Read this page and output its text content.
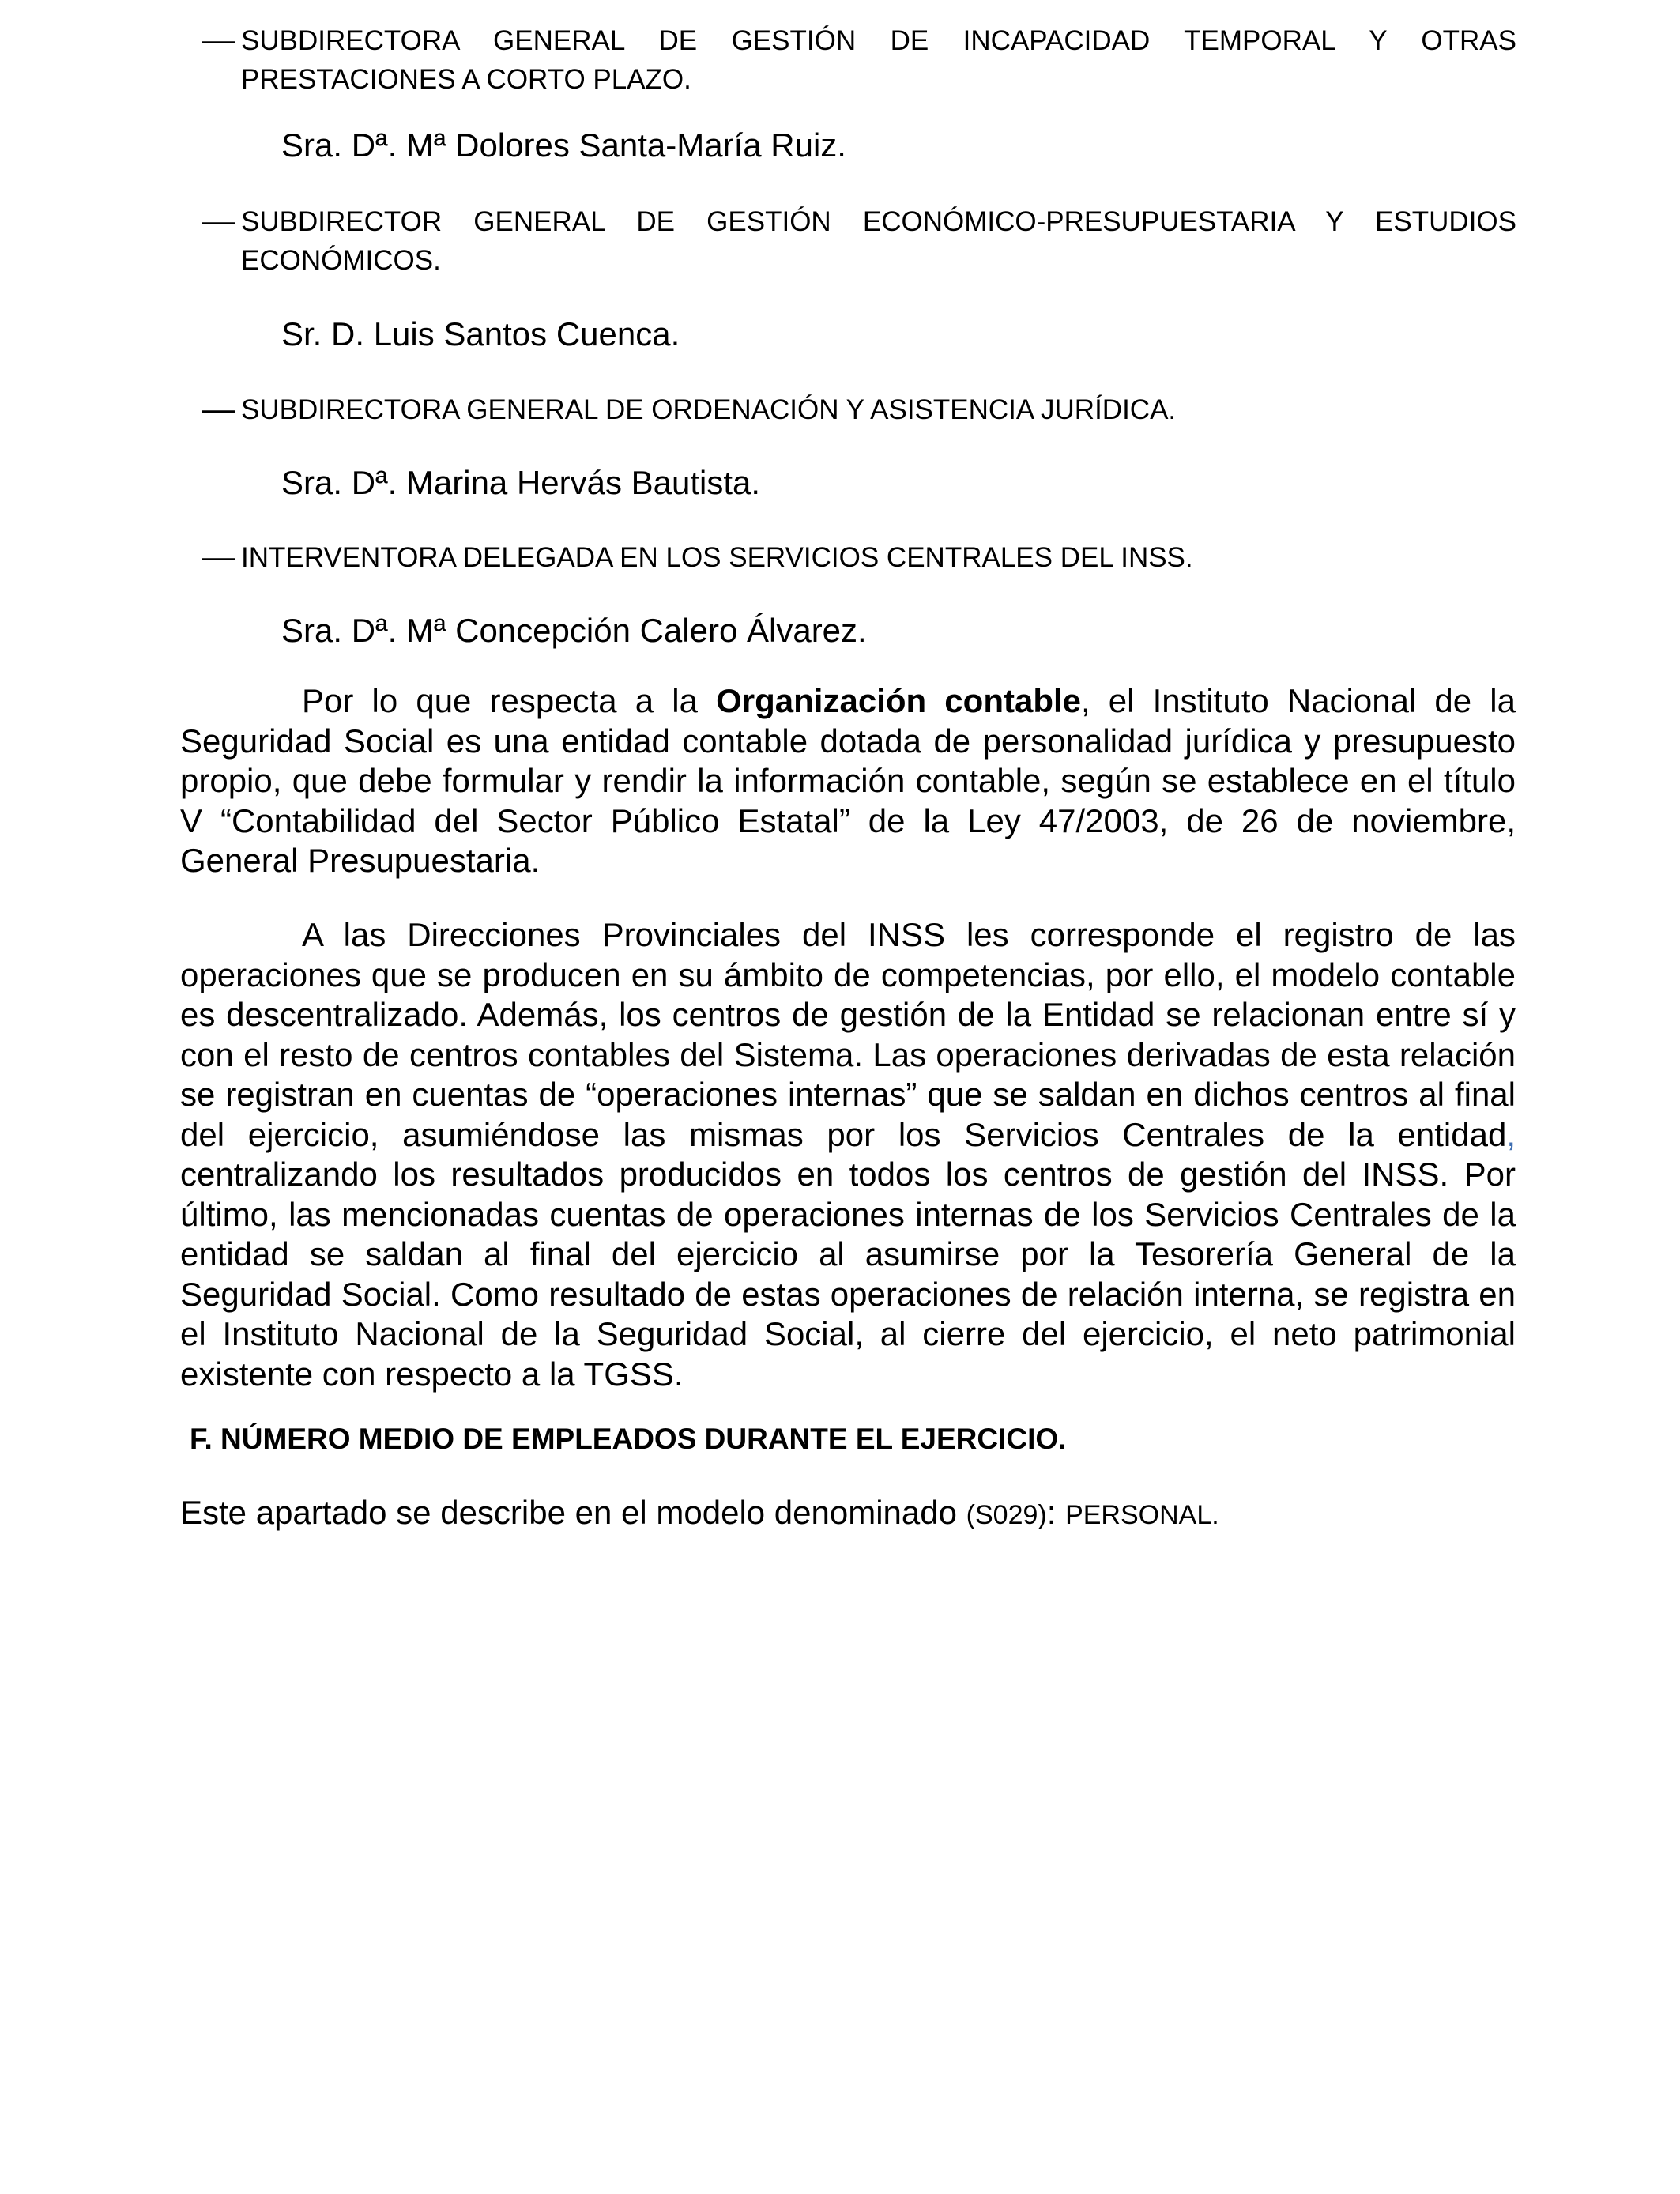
— SUBDIRECTORA GENERAL DE GESTIÓN DE INCAPACIDAD TEMPORAL Y OTRAS PRESTACIONES A CORTO PLAZO.
Sra. Dª. Mª Dolores Santa-María Ruiz.
— SUBDIRECTOR GENERAL DE GESTIÓN ECONÓMICO-PRESUPUESTARIA Y ESTUDIOS ECONÓMICOS.
Sr. D. Luis Santos Cuenca.
— SUBDIRECTORA GENERAL DE ORDENACIÓN Y ASISTENCIA JURÍDICA.
Sra. Dª. Marina Hervás Bautista.
— INTERVENTORA DELEGADA EN LOS SERVICIOS CENTRALES DEL INSS.
Sra. Dª. Mª Concepción Calero Álvarez.

Por lo que respecta a la Organización contable, el Instituto Nacional de la Seguridad Social es una entidad contable dotada de personalidad jurídica y presupuesto propio, que debe formular y rendir la información contable, según se establece en el título V “Contabilidad del Sector Público Estatal” de la Ley 47/2003, de 26 de noviembre, General Presupuestaria.

A las Direcciones Provinciales del INSS les corresponde el registro de las operaciones que se producen en su ámbito de competencias, por ello, el modelo contable es descentralizado. Además, los centros de gestión de la Entidad se relacionan entre sí y con el resto de centros contables del Sistema. Las operaciones derivadas de esta relación se registran en cuentas de “operaciones internas” que se saldan en dichos centros al final del ejercicio, asumiéndose las mismas por los Servicios Centrales de la entidad, centralizando los resultados producidos en todos los centros de gestión del INSS. Por último, las mencionadas cuentas de operaciones internas de los Servicios Centrales de la entidad se saldan al final del ejercicio al asumirse por la Tesorería General de la Seguridad Social. Como resultado de estas operaciones de relación interna, se registra en el Instituto Nacional de la Seguridad Social, al cierre del ejercicio, el neto patrimonial existente con respecto a la TGSS.

F. NÚMERO MEDIO DE EMPLEADOS DURANTE EL EJERCICIO.
Este apartado se describe en el modelo denominado (S029): PERSONAL.
